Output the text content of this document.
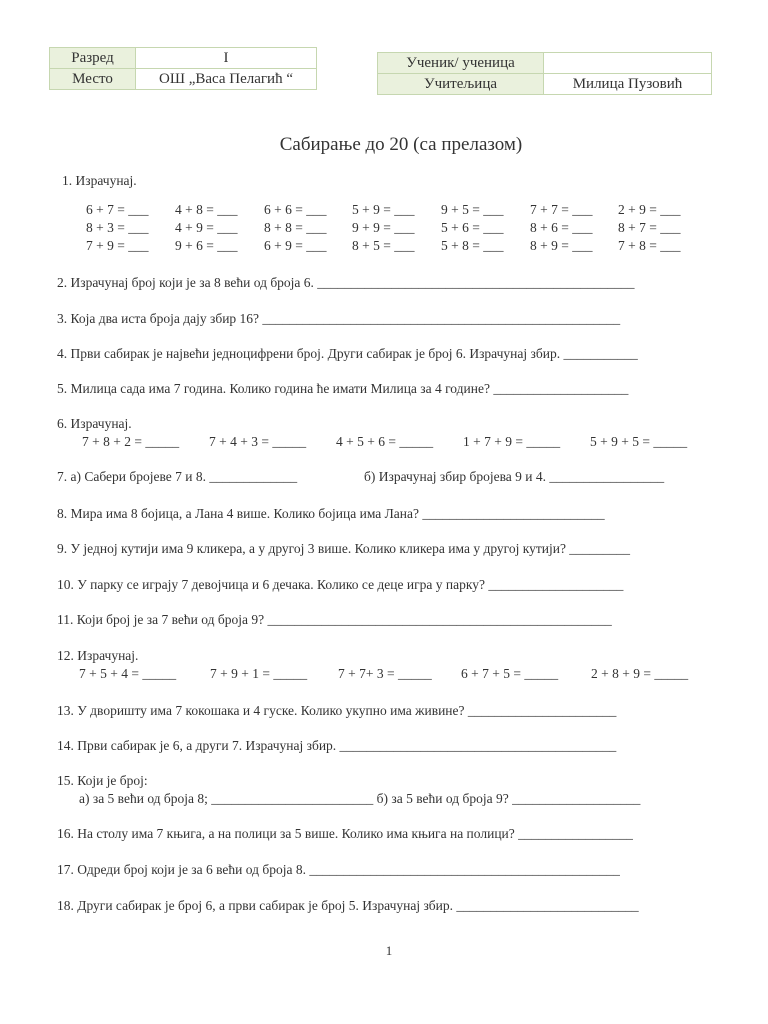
Разред	I
Место	ОШ „Васа Пелагић “
Ученик/ ученица	
Учитељица	Милица Пузовић
Сабирање до 20 (са прелазом)
1. Израчунај.
6 + 7 = ___ 4 + 8 = ___ 6 + 6 = ___ 5 + 9 = ___ 9 + 5 = ___ 7 + 7 = ___ 2 + 9 = ___
8 + 3 = ___ 4 + 9 = ___ 8 + 8 = ___ 9 + 9 = ___ 5 + 6 = ___ 8 + 6 = ___ 8 + 7 = ___
7 + 9 = ___ 9 + 6 = ___ 6 + 9 = ___ 8 + 5 = ___ 5 + 8 = ___ 8 + 9 = ___ 7 + 8 = ___
2. Израчунај број који је за 8 већи од броја 6. _______________________________________________
3. Која два иста броја дају збир 16? _____________________________________________________
4. Први сабирак је највећи једноцифрени број. Други сабирак је број 6. Израчунај збир. ___________
5. Милица сада има 7 година. Колико година ће имати Милица за 4 године? ____________________
6. Израчунај.
7 + 8 + 2 = _____ 7 + 4 + 3 = _____ 4 + 5 + 6 = _____ 1 + 7 + 9 = _____ 5 + 9 + 5 = _____
7. а) Сабери бројеве 7 и 8. _____________	б) Израчунај збир бројева 9 и 4. _________________
8. Мира има 8 бојица, а Лана 4 више. Колико бојица има Лана? ___________________________
9. У једној кутији има 9 кликера, а у другој 3 више. Колико кликера има у другој кутији? _________
10. У парку се играју 7 девојчица и 6 дечака. Колико се деце игра у парку? ____________________
11. Који број је за 7 већи од броја 9? ___________________________________________________
12. Израчунај.
7 + 5 + 4 = _____	7 + 9 + 1 = _____ 7 + 7+ 3 = _____ 6 + 7 + 5 = _____ 2 + 8 + 9 = _____
13. У дворишту има 7 кокошака и 4 гуске. Колико укупно има живине? ______________________
14. Први сабирак је 6, а други 7. Израчунај збир. _________________________________________
15. Који је број:
а) за 5 већи од броја 8; ________________________ б) за 5 већи од броја 9? ___________________
16. На столу има 7 књига, а на полици за 5 више. Колико има књига на полици? _________________
17. Одреди број који је за 6 већи од броја 8. ______________________________________________
18. Други сабирак је број 6, а први сабирак је број 5. Израчунај збир. ___________________________
1
